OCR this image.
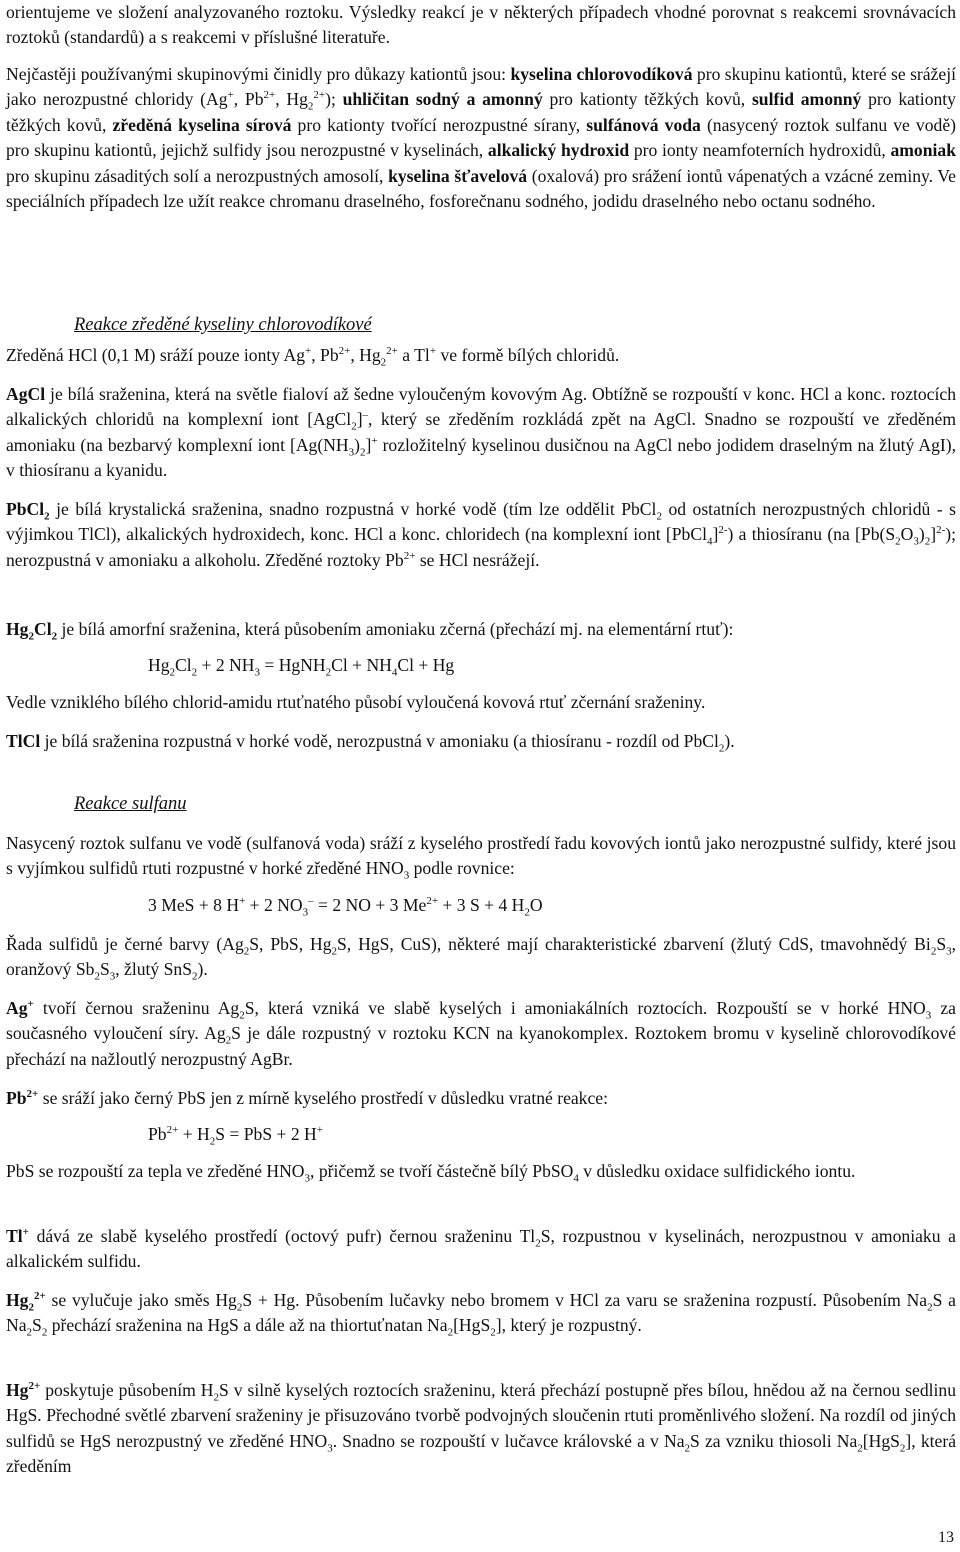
orientujeme ve složení analyzovaného roztoku. Výsledky reakcí je v některých případech vhodné porovnat s reakcemi srovnávacích roztoků (standardů) a s reakcemi v příslušné literatuře.

Nejčastěji používanými skupinovými činidly pro důkazy kationtů jsou: kyselina chlorovodíková pro skupinu kationtů, které se srážejí jako nerozpustné chloridy (Ag+, $Pb^{2+}$, $Hg_2^{2+}$); uhličitan sodný a amonný pro kationty těžkých kovů, sulfid amonný pro kationty těžkých kovů, zředěná kyselina sírová pro kationty tvořící nerozpustné sírany, sulfánová voda (nasycený roztok sulfanu ve vodě) pro skupinu kationtů, jejichž sulfidy jsou nerozpustné v kyselinách, alkalický hydroxid pro ionty neamfoterních hydroxidů, amoniak pro skupinu zásaditých solí a nerozpustných amosolí, kyselina šťavelová (oxalová) pro srážení iontů vápenatých a vzácné zeminy. Ve speciálních případech lze užít reakce chromanu draselného, fosforečnanu sodného, jodidu draselného nebo octanu sodného.

Reakce zředěné kyseliny chlorovodíkové

Zředěná HCl (0,1 M) sráží pouze ionty Ag+, $Pb^{2+}$, $Hg_2^{2+}$ a Tl+ ve formě bílých chloridů.

AgCl je bílá sraženina, která na světle fialoví až šedne vyloučeným kovovým Ag. Obtížně se rozpouští v konc. HCl a konc. roztocích alkalických chloridů na komplexní iont [AgCl$_2$]–, který se zředěním rozkládá zpět na AgCl. Snadno se rozpouští ve zředěném amoniaku (na bezbarvý komplexní iont $[Ag(NH_3)_2]^+$ rozložitelný kyselinou dusičnou na AgCl nebo jodidem draselným na žlutý AgI), v thiosíranu a kyanidu.

PbCl$_2$ je bílá krystalická sraženina, snadno rozpustná v horké vodě (tím lze oddělit PbCl$_2$ od ostatních nerozpustných chloridů - s výjimkou TlCl), alkalických hydroxidech, konc. HCl a konc. chloridech (na komplexní iont [PbCl$_4$]$^{2-}$) a thiosíranu (na $[Pb(S_2O_3)_2]^{2-}$); nerozpustná v amoniaku a alkoholu. Zředěné roztoky $Pb^{2+}$ se HCl nesrážejí.

$Hg_2Cl_2$ je bílá amorfní sraženina, která působením amoniaku zčerná (přechází mj. na elementární rtuť):

$Hg_2Cl_2 + 2$ $NH_3$ = HgNH$_2$Cl + $NH_4Cl + Hg$

Vedle vzniklého bílého chlorid-amidu rtuťnatého působí vyloučená kovová rtuť zčernání sraženiny.

TlCl je bílá sraženina rozpustná v horké vodě, nerozpustná v amoniaku (a thiosíranu - rozdíl od PbCl$_2$).

Reakce sulfanu

Nasycený roztok sulfanu ve vodě (sulfanová voda) sráží z kyselého prostředí řadu kovových iontů jako nerozpustné sulfidy, které jsou s vyjímkou sulfidů rtuti rozpustné v horké zředěné $HNO_3$ podle rovnice:

3 MeS + 8 H+ + 2 $NO_3^- = 2$ NO + 3 $Me^{2+} + 3$ S + 4 $H_2O$

Řada sulfidů je černé barvy ($Ag_2S$, PbS, $Hg_2S$, HgS, CuS), některé mají charakteristické zbarvení (žlutý CdS, tmavohnědý $Bi_2S_3$, oranžový $Sb_2S_3$, žlutý SnS$_2$).

Ag+ tvoří černou sraženinu $Ag_2S$, která vzniká ve slabě kyselých i amoniakálních roztocích. Rozpouští se v horké $HNO_3$ za současného vyloučení síry. $Ag_2S$ je dále rozpustný v roztoku KCN na kyanokomplex. Roztokem bromu v kyselině chlorovodíkové přechází na nažloutlý nerozpustný AgBr.

$Pb^{2+}$ se sráží jako černý PbS jen z mírně kyselého prostředí v důsledku vratné reakce:

$Pb^{2+} + H_2S$ = PbS + 2 H+

PbS se rozpouští za tepla ve zředěné $HNO_3$, přičemž se tvoří částečně bílý PbSO$_4$ v důsledku oxidace sulfidického iontu.

Tl+ dává ze slabě kyselého prostředí (octový pufr) černou sraženinu $Tl_2S$, rozpustnou v kyselinách, nerozpustnou v amoniaku a alkalickém sulfidu.

$Hg_2^{2+}$ se vylučuje jako směs $Hg_2S + Hg$. Působením lučavky nebo bromem v HCl za varu se sraženina rozpustí. Působením $Na_2S$ a $Na_2S_2$ přechází sraženina na HgS a dále až na thiortuťnatan $Na_2[HgS_2]$, který je rozpustný.

$Hg^{2+}$ poskytuje působením $H_2S$ v silně kyselých roztocích sraženinu, která přechází postupně přes bílou, hnědou až na černou sedlinu HgS. Přechodné světlé zbarvení sraženiny je přisuzováno tvorbě podvojných sloučenin rtuti proměnlivého složení. Na rozdíl od jiných sulfidů se HgS nerozpustný ve zředěné $HNO_3$. Snadno se rozpouští v lučavce královské a v $Na_2S$ za vzniku thiosoli $Na_2[HgS_2]$, která zředěním

13
